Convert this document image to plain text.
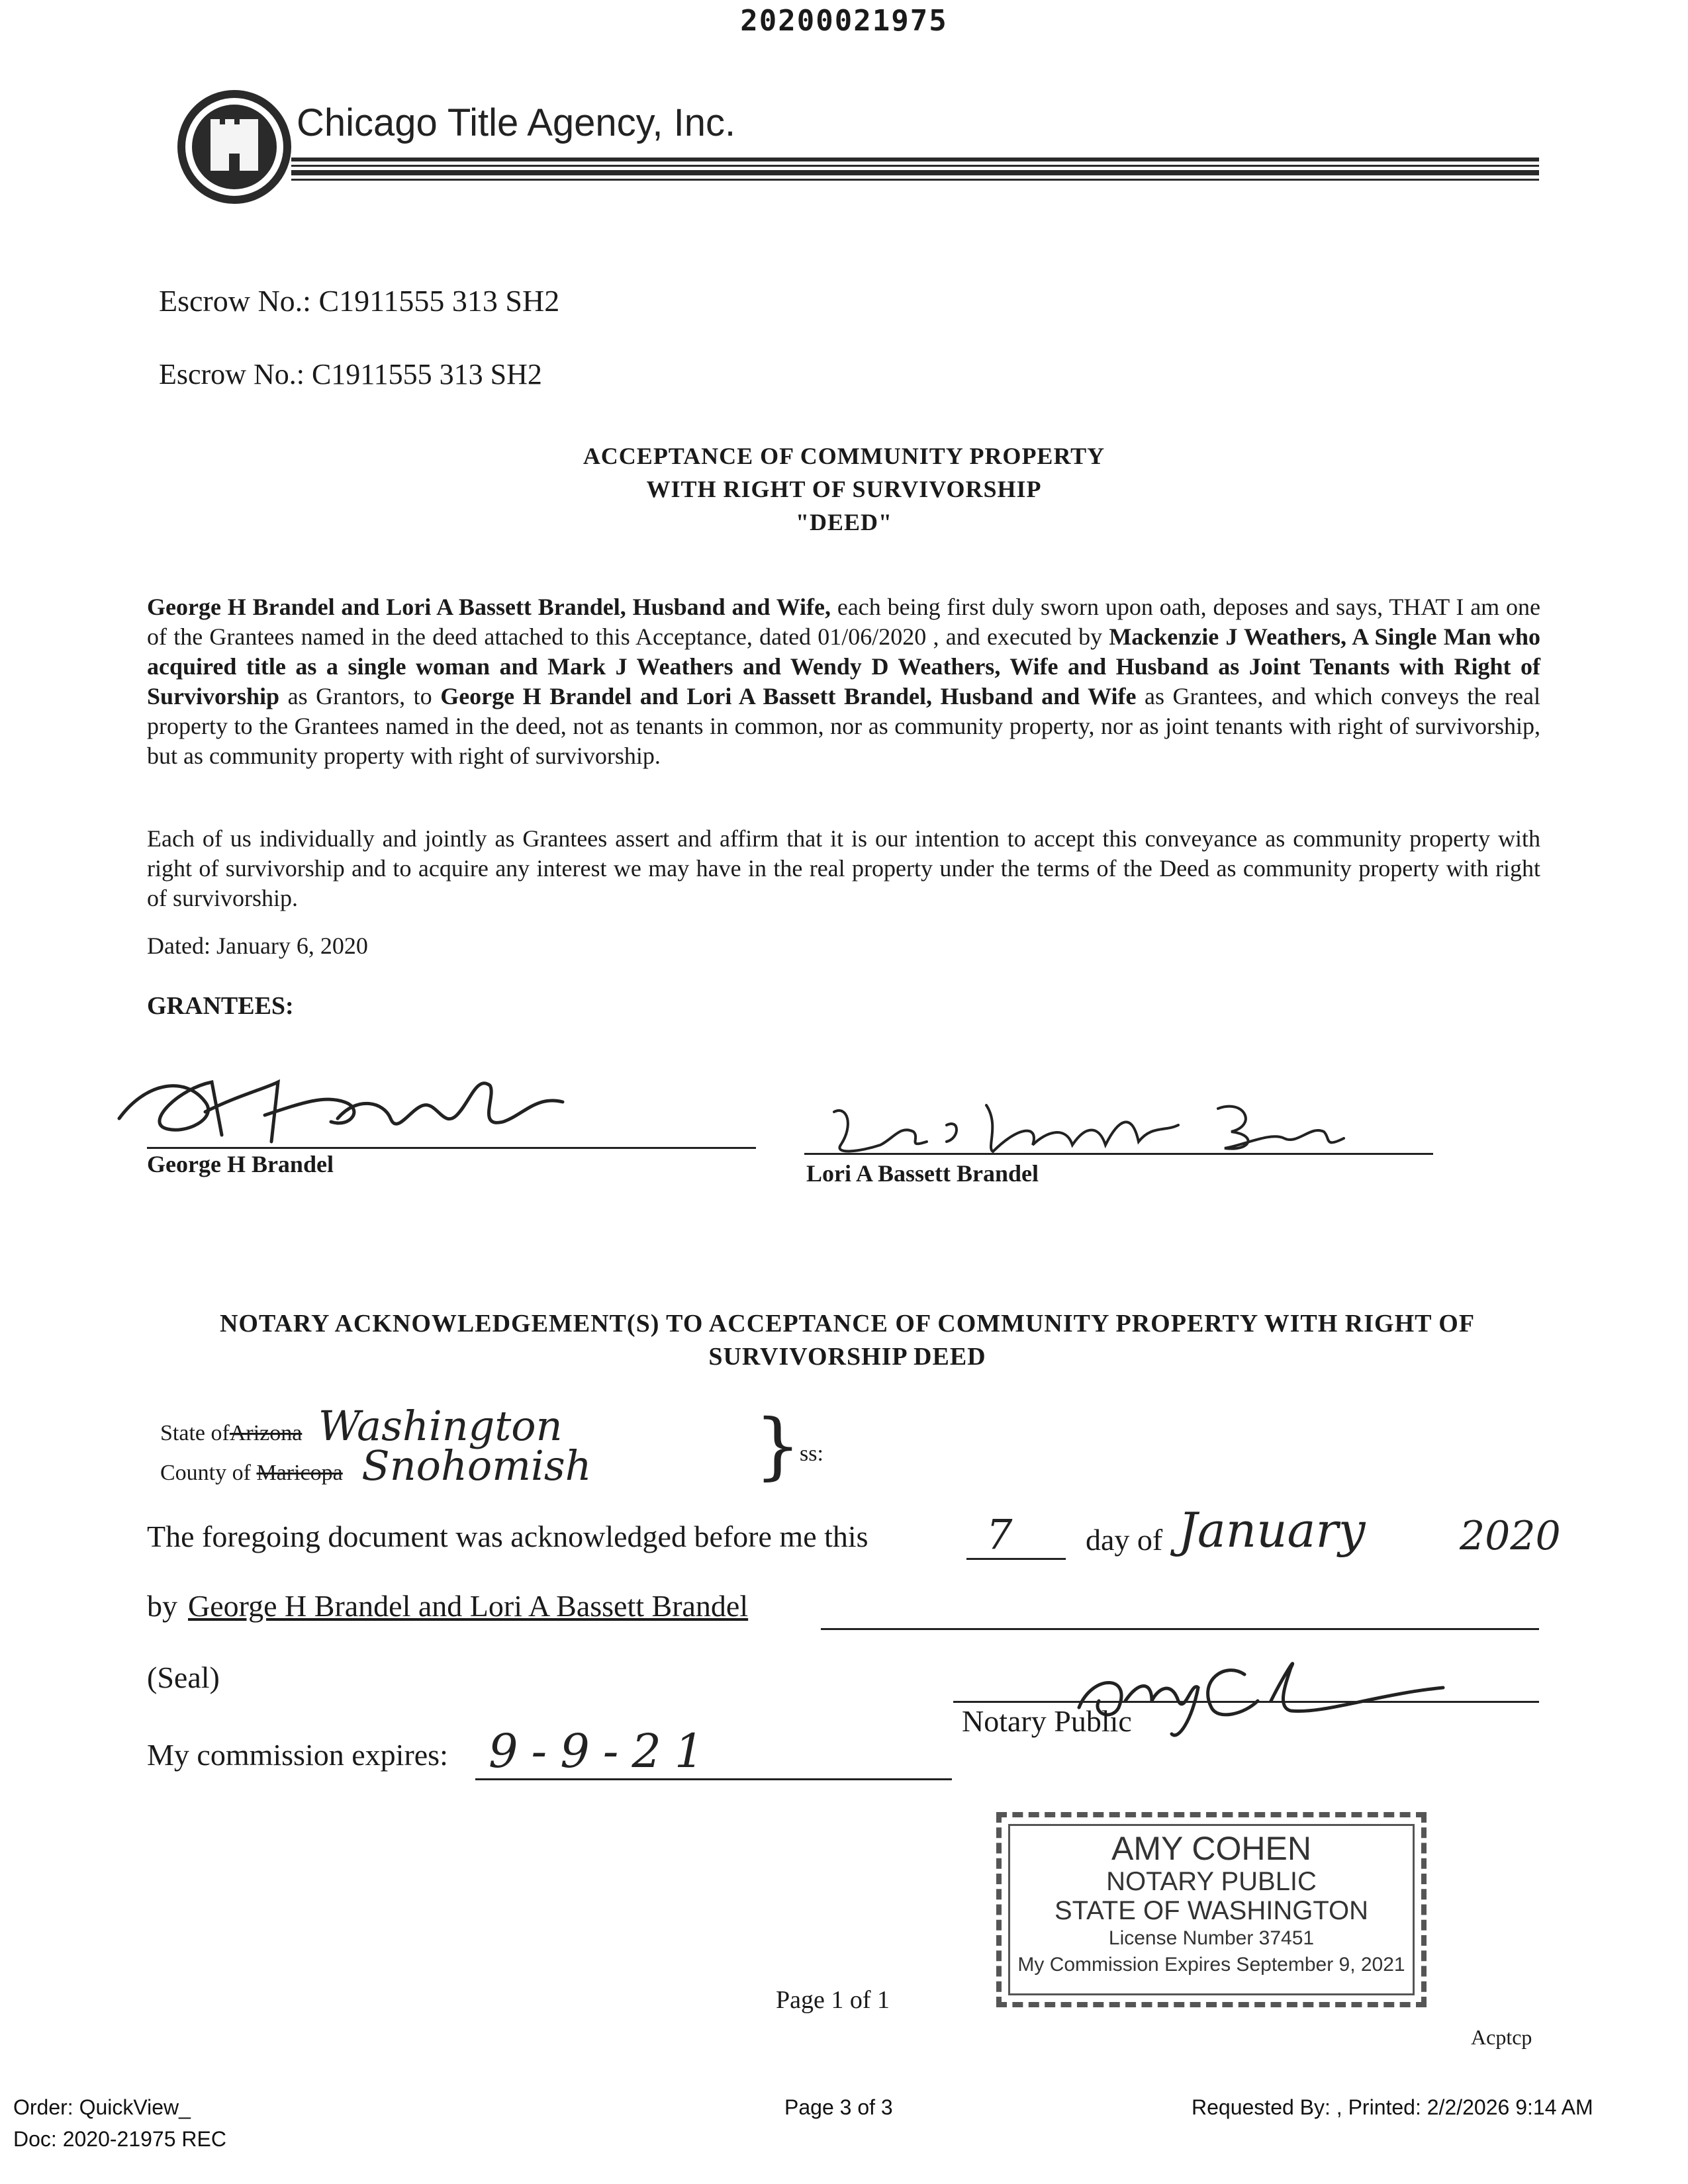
20200021975
Chicago Title Agency, Inc.
Escrow No.: C1911555 313 SH2
Escrow No.: C1911555 313 SH2
ACCEPTANCE OF COMMUNITY PROPERTY
WITH RIGHT OF SURVIVORSHIP
"DEED"
George H Brandel and Lori A Bassett Brandel, Husband and Wife, each being first duly sworn upon oath, deposes and says, THAT I am one of the Grantees named in the deed attached to this Acceptance, dated 01/06/2020 , and executed by Mackenzie J Weathers, A Single Man who acquired title as a single woman and Mark J Weathers and Wendy D Weathers, Wife and Husband as Joint Tenants with Right of Survivorship as Grantors, to George H Brandel and Lori A Bassett Brandel, Husband and Wife as Grantees, and which conveys the real property to the Grantees named in the deed, not as tenants in common, nor as community property, nor as joint tenants with right of survivorship, but as community property with right of survivorship.
Each of us individually and jointly as Grantees assert and affirm that it is our intention to accept this conveyance as community property with right of survivorship and to acquire any interest we may have in the real property under the terms of the Deed as community property with right of survivorship.
Dated: January 6, 2020
GRANTEES:
George H Brandel	Lori A Bassett Brandel
NOTARY ACKNOWLEDGEMENT(S) TO ACCEPTANCE OF COMMUNITY PROPERTY WITH RIGHT OF
SURVIVORSHIP DEED
State ofArizona Washington
County of Maricopa Snohomish }
ss:
The foregoing document was acknowledged before me this	7	day of January 2020
by George H Brandel and Lori A Bassett Brandel
(Seal)
Notary Public
My commission expires: 9-9-21
AMY COHEN
NOTARY PUBLIC
STATE OF WASHINGTON
License Number 37451
My Commission Expires September 9, 2021
Page 1 of 1
Acptcp
Order: QuickView_
Doc: 2020-21975 REC
Page 3 of 3	Requested By: , Printed: 2/2/2026 9:14 AM
